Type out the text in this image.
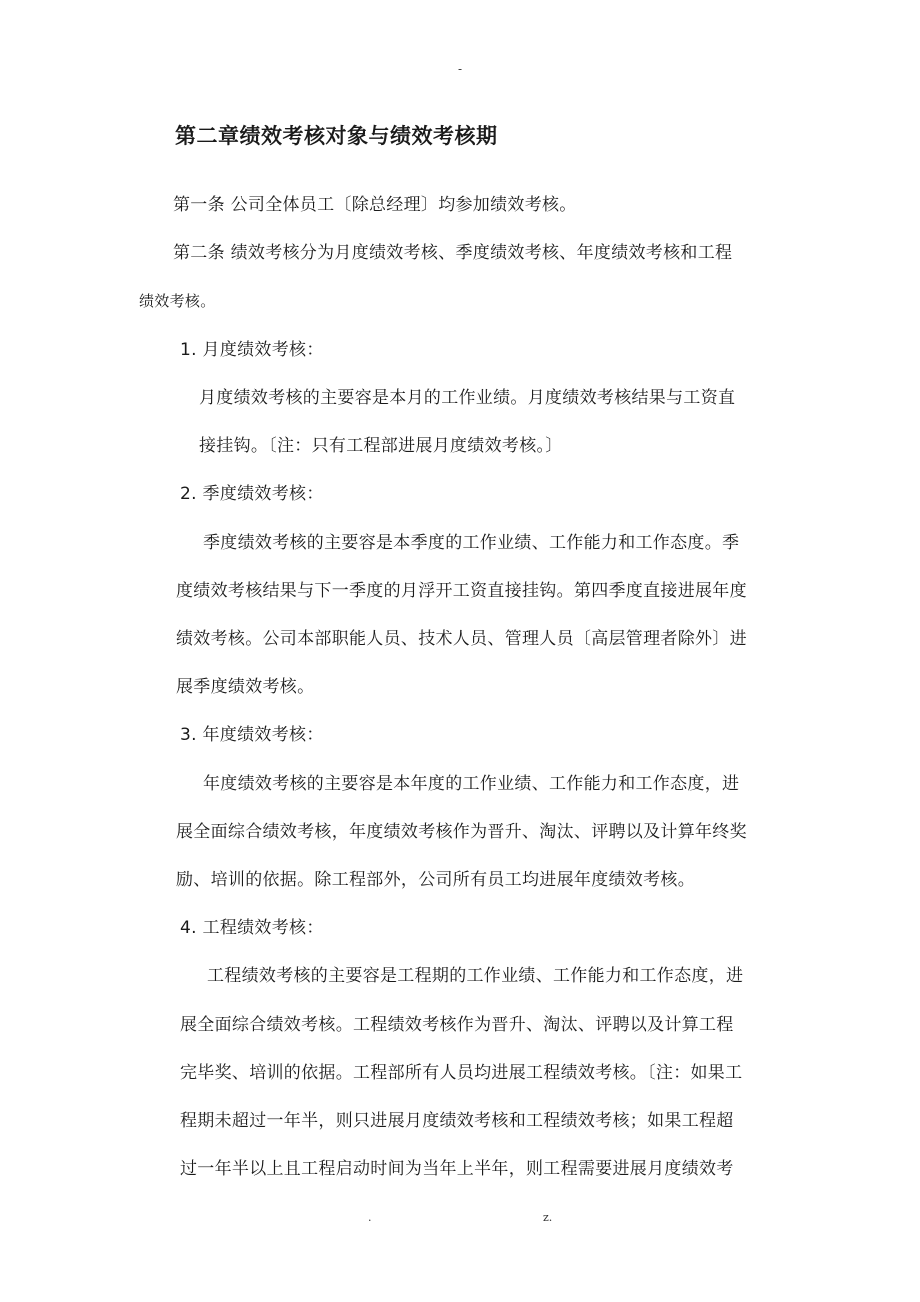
-
第二章绩效考核对象与绩效考核期
第一条 公司全体员工〔除总经理〕均参加绩效考核。
第二条 绩效考核分为月度绩效考核、季度绩效考核、年度绩效考核和工程
绩效考核。
1. 月度绩效考核：
月度绩效考核的主要容是本月的工作业绩。月度绩效考核结果与工资直
接挂钩。〔注：只有工程部进展月度绩效考核。〕
2. 季度绩效考核：
季度绩效考核的主要容是本季度的工作业绩、工作能力和工作态度。季
度绩效考核结果与下一季度的月浮开工资直接挂钩。第四季度直接进展年度
绩效考核。公司本部职能人员、技术人员、管理人员〔高层管理者除外〕进
展季度绩效考核。
3. 年度绩效考核：
年度绩效考核的主要容是本年度的工作业绩、工作能力和工作态度，进
展全面综合绩效考核，年度绩效考核作为晋升、淘汰、评聘以及计算年终奖
励、培训的依据。除工程部外，公司所有员工均进展年度绩效考核。
4. 工程绩效考核：
工程绩效考核的主要容是工程期的工作业绩、工作能力和工作态度，进
展全面综合绩效考核。工程绩效考核作为晋升、淘汰、评聘以及计算工程
完毕奖、培训的依据。工程部所有人员均进展工程绩效考核。〔注：如果工
程期未超过一年半，则只进展月度绩效考核和工程绩效考核；如果工程超
过一年半以上且工程启动时间为当年上半年，则工程需要进展月度绩效考
.	z.
